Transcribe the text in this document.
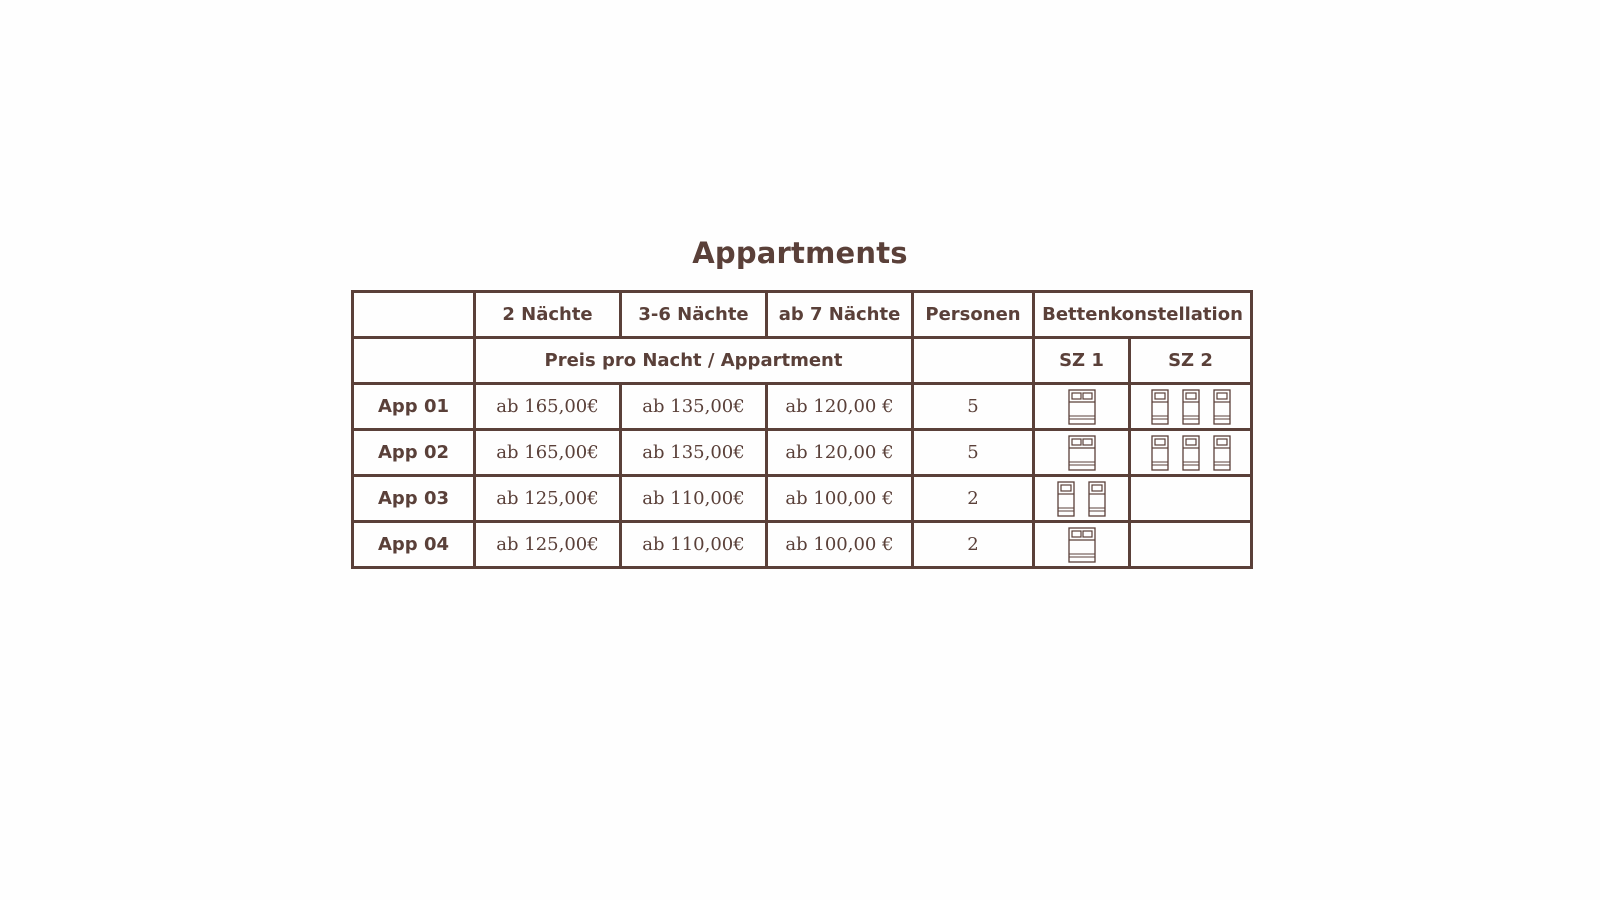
Appartments
	2 Nächte	3-6 Nächte	ab 7 Nächte	Personen	Bettenkonstellation	
	Preis pro Nacht / Appartment				SZ 1	SZ 2
App 01	ab 165,00€	ab 135,00€	ab 120,00 €	5	

App 02	ab 165,00€	ab 135,00€	ab 120,00 €	5	

App 03	ab 125,00€	ab 110,00€	ab 100,00 €	2	

App 04	ab 125,00€	ab 110,00€	ab 100,00 €	2	
